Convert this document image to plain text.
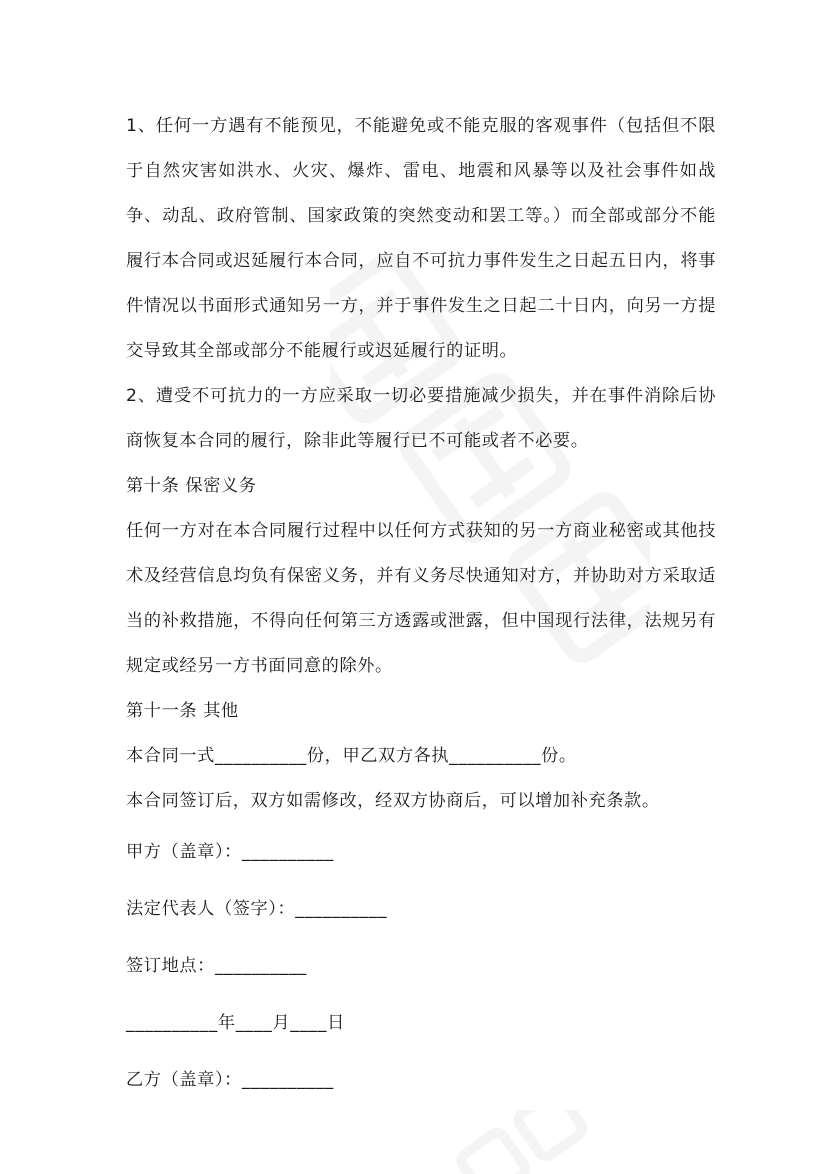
1、任何一方遇有不能预见，不能避免或不能克服的客观事件（包括但不限于自然灾害如洪水、火灾、爆炸、雷电、地震和风暴等以及社会事件如战争、动乱、政府管制、国家政策的突然变动和罢工等。）而全部或部分不能履行本合同或迟延履行本合同，应自不可抗力事件发生之日起五日内，将事件情况以书面形式通知另一方，并于事件发生之日起二十日内，向另一方提交导致其全部或部分不能履行或迟延履行的证明。

2、遭受不可抗力的一方应采取一切必要措施减少损失，并在事件消除后协商恢复本合同的履行，除非此等履行已不可能或者不必要。

第十条 保密义务

任何一方对在本合同履行过程中以任何方式获知的另一方商业秘密或其他技术及经营信息均负有保密义务，并有义务尽快通知对方，并协助对方采取适当的补救措施，不得向任何第三方透露或泄露，但中国现行法律，法规另有规定或经另一方书面同意的除外。

第十一条 其他

本合同一式__________份，甲乙双方各执__________份。

本合同签订后，双方如需修改，经双方协商后，可以增加补充条款。

甲方（盖章）：__________

法定代表人（签字）：__________

签订地点：__________

__________年____月____日

乙方（盖章）：__________
